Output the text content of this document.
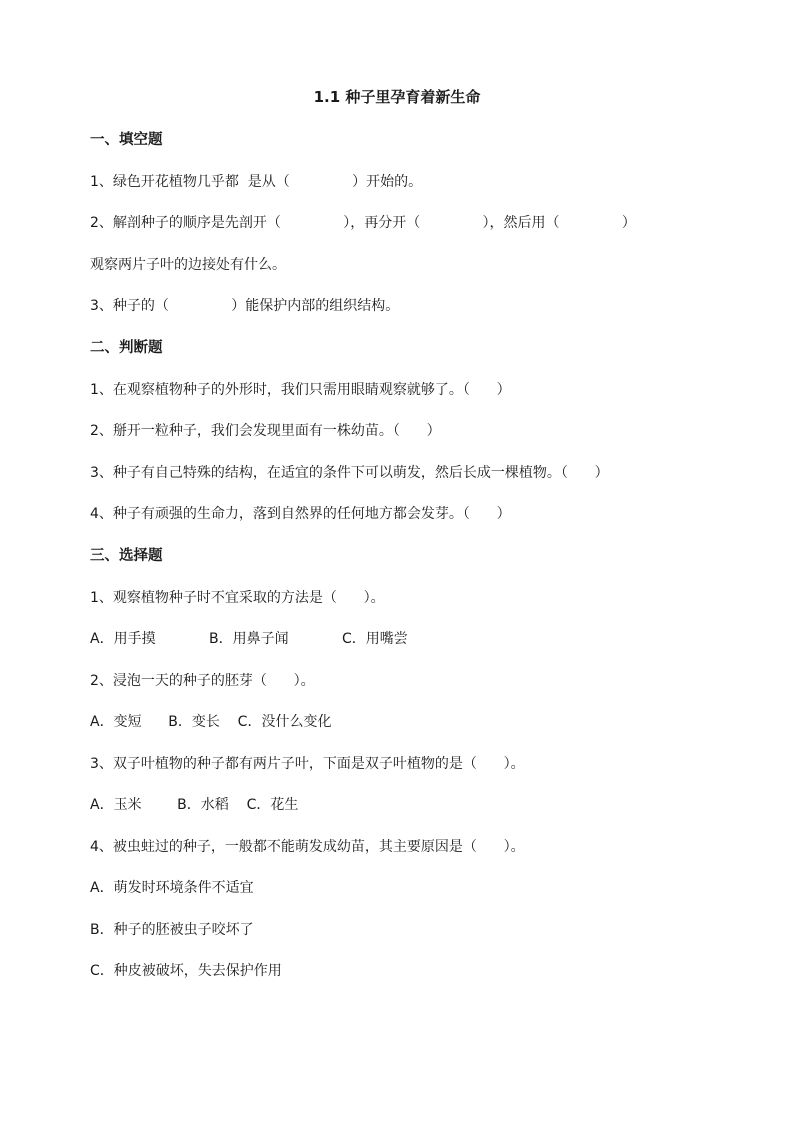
1.1 种子里孕育着新生命
一、填空题
1、绿色开花植物几乎都  是从（              ）开始的。
2、解剖种子的顺序是先剖开（              ），再分开（              ），然后用（              ）
观察两片子叶的边接处有什么。
3、种子的（              ）能保护内部的组织结构。
二、判断题
1、在观察植物种子的外形时，我们只需用眼睛观察就够了。（      ）
2、掰开一粒种子，我们会发现里面有一株幼苗。（      ）
3、种子有自己特殊的结构，在适宜的条件下可以萌发，然后长成一棵植物。（      ）
4、种子有顽强的生命力，落到自然界的任何地方都会发芽。（      ）
三、选择题
1、观察植物种子时不宜采取的方法是（      ）。
A．用手摸            B．用鼻子闻            C．用嘴尝
2、浸泡一天的种子的胚芽（      ）。
A．变短      B．变长    C．没什么变化
3、双子叶植物的种子都有两片子叶，下面是双子叶植物的是（      ）。
A．玉米        B．水稻    C．花生
4、被虫蛀过的种子，一般都不能萌发成幼苗，其主要原因是（      ）。
A．萌发时环境条件不适宜
B．种子的胚被虫子咬坏了
C．种皮被破坏，失去保护作用
